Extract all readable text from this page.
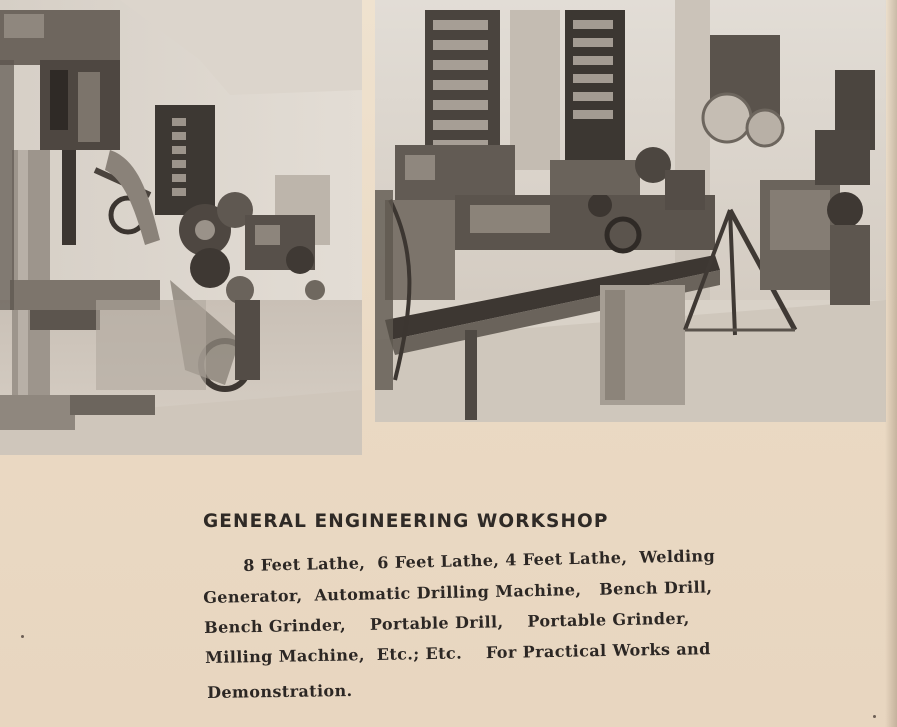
GENERAL ENGINEERING WORKSHOP
8 Feet Lathe,  6 Feet Lathe, 4 Feet Lathe,  Welding
Generator,  Automatic Drilling Machine,   Bench Drill,
Bench Grinder,    Portable Drill,    Portable Grinder,
Milling Machine,  Etc.; Etc.    For Practical Works and
Demonstration.
